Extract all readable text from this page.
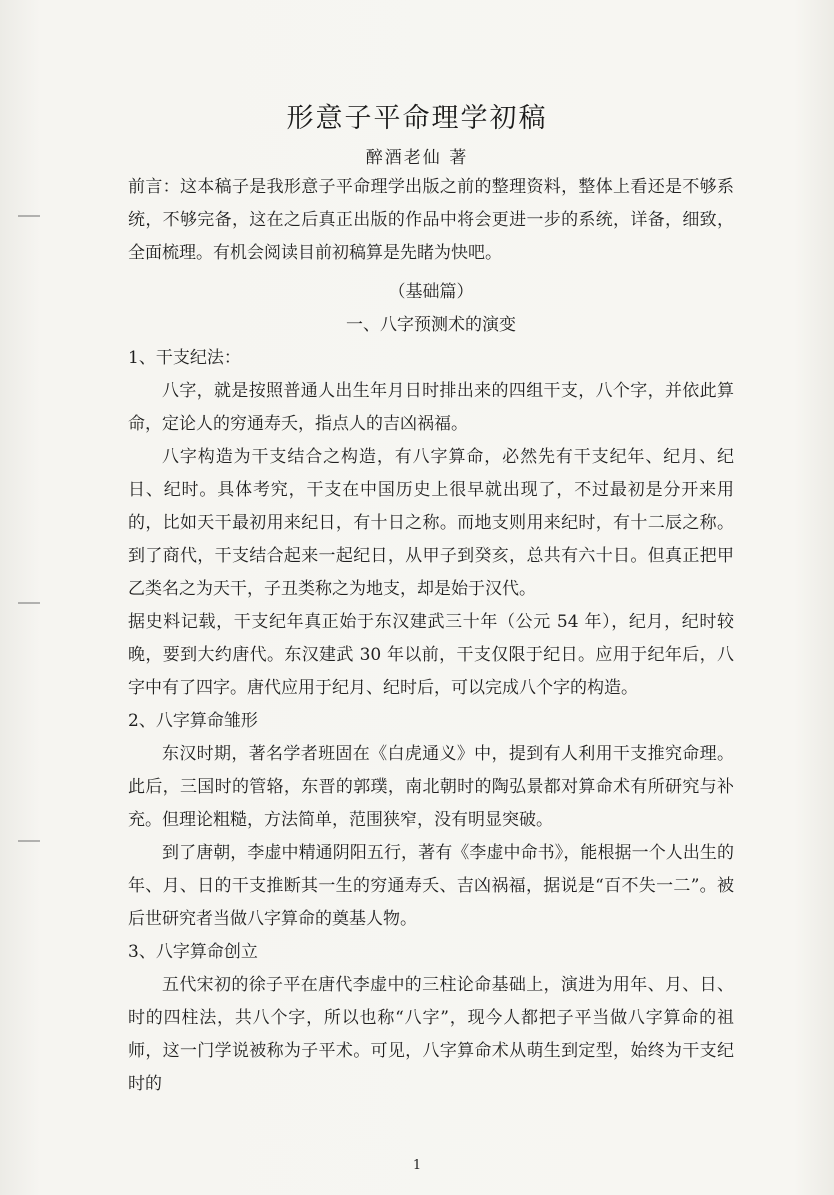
形意子平命理学初稿
醉酒老仙 著

前言：这本稿子是我形意子平命理学出版之前的整理资料，整体上看还是不够系统，不够完备，这在之后真正出版的作品中将会更进一步的系统，详备，细致，全面梳理。有机会阅读目前初稿算是先睹为快吧。

（基础篇）

一、八字预测术的演变

1、干支纪法：

八字，就是按照普通人出生年月日时排出来的四组干支，八个字，并依此算命，定论人的穷通寿夭，指点人的吉凶祸福。

八字构造为干支结合之构造，有八字算命，必然先有干支纪年、纪月、纪日、纪时。具体考究，干支在中国历史上很早就出现了，不过最初是分开来用的，比如天干最初用来纪日，有十日之称。而地支则用来纪时，有十二辰之称。到了商代，干支结合起来一起纪日，从甲子到癸亥，总共有六十日。但真正把甲乙类名之为天干，子丑类称之为地支，却是始于汉代。

据史料记载，干支纪年真正始于东汉建武三十年（公元 54 年），纪月，纪时较晚，要到大约唐代。东汉建武 30 年以前，干支仅限于纪日。应用于纪年后，八字中有了四字。唐代应用于纪月、纪时后，可以完成八个字的构造。

2、八字算命雏形

东汉时期，著名学者班固在《白虎通义》中，提到有人利用干支推究命理。此后，三国时的管辂，东晋的郭璞，南北朝时的陶弘景都对算命术有所研究与补充。但理论粗糙，方法简单，范围狭窄，没有明显突破。

到了唐朝，李虚中精通阴阳五行，著有《李虚中命书》，能根据一个人出生的年、月、日的干支推断其一生的穷通寿夭、吉凶祸福，据说是“百不失一二”。被后世研究者当做八字算命的奠基人物。

3、八字算命创立

五代宋初的徐子平在唐代李虚中的三柱论命基础上，演进为用年、月、日、时的四柱法，共八个字，所以也称“八字”，现今人都把子平当做八字算命的祖师，这一门学说被称为子平术。可见，八字算命术从萌生到定型，始终为干支纪时的

1
